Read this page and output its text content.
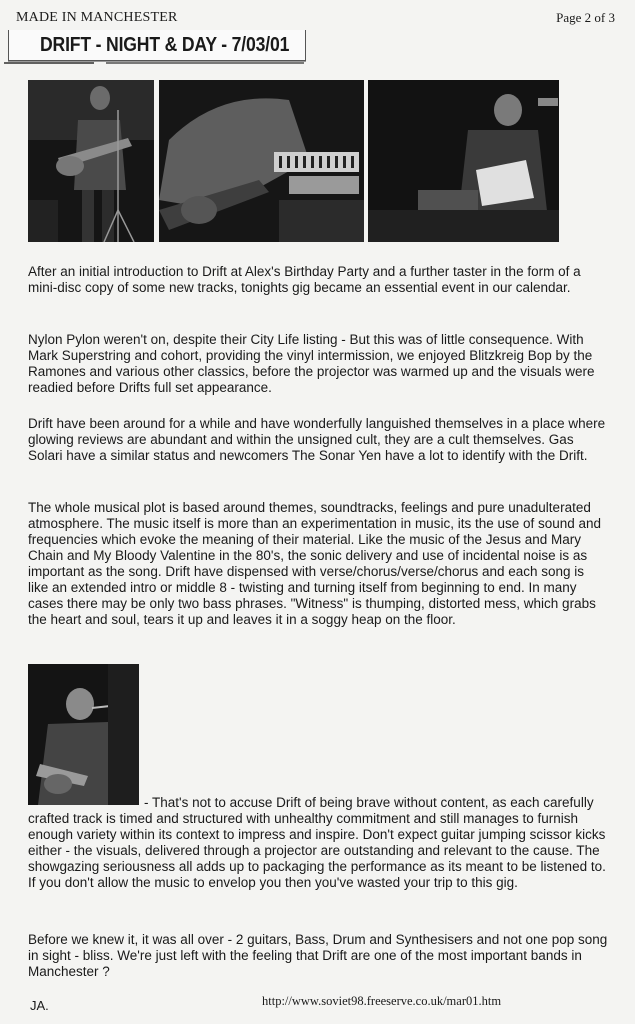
MADE IN MANCHESTER	Page 2 of 3
DRIFT - NIGHT & DAY - 7/03/01

After an initial introduction to Drift at Alex's Birthday Party and a further taster in the form of a mini-disc copy of some new tracks, tonights gig became an essential event in our calendar.

Nylon Pylon weren't on, despite their City Life listing - But this was of little consequence. With Mark Superstring and cohort, providing the vinyl intermission, we enjoyed Blitzkreig Bop by the Ramones and various other classics, before the projector was warmed up and the visuals were readied before Drifts full set appearance.

Drift have been around for a while and have wonderfully languished themselves in a place where glowing reviews are abundant and within the unsigned cult, they are a cult themselves. Gas Solari have a similar status and newcomers The Sonar Yen have a lot to identify with the Drift.

The whole musical plot is based around themes, soundtracks, feelings and pure unadulterated atmosphere. The music itself is more than an experimentation in music, its the use of sound and frequencies which evoke the meaning of their material. Like the music of the Jesus and Mary Chain and My Bloody Valentine in the 80's, the sonic delivery and use of incidental noise is as important as the song. Drift have dispensed with verse/chorus/verse/chorus and each song is like an extended intro or middle 8 - twisting and turning itself from beginning to end. In many cases there may be only two bass phrases. "Witness" is thumping, distorted mess, which grabs the heart and soul, tears it up and leaves it in a soggy heap on the floor.

- That's not to accuse Drift of being brave without content, as each carefully crafted track is timed and structured with unhealthy commitment and still manages to furnish enough variety within its context to impress and inspire. Don't expect guitar jumping scissor kicks either - the visuals, delivered through a projector are outstanding and relevant to the cause. The showgazing seriousness all adds up to packaging the performance as its meant to be listened to. If you don't allow the music to envelop you then you've wasted your trip to this gig.

Before we knew it, it was all over - 2 guitars, Bass, Drum and Synthesisers and not one pop song in sight - bliss. We're just left with the feeling that Drift are one of the most important bands in Manchester ?

JA.	http://www.soviet98.freeserve.co.uk/mar01.htm
